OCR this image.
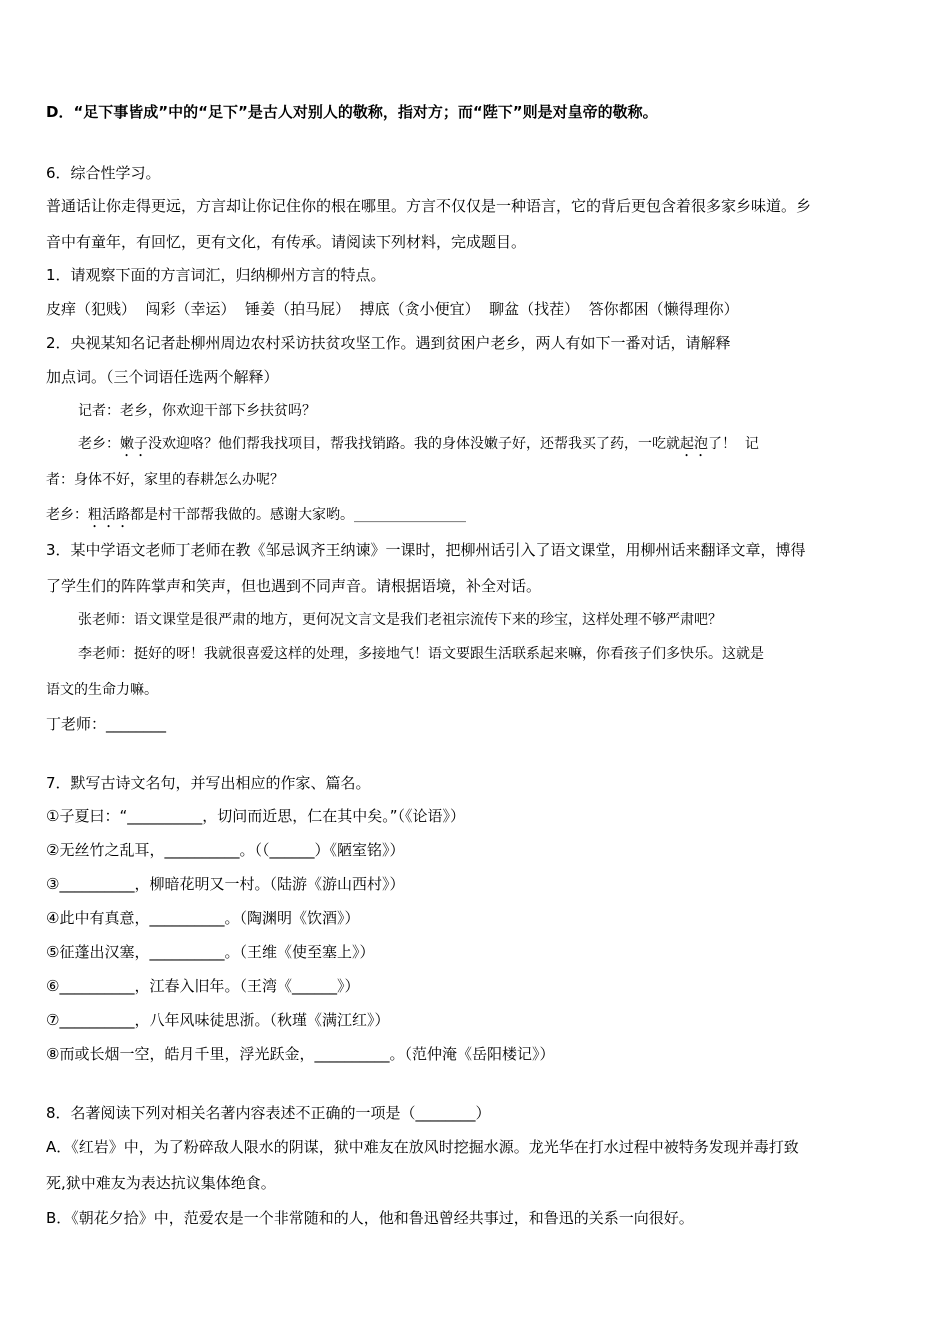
D．“足下事皆成”中的“足下”是古人对别人的敬称，指对方；而“陛下”则是对皇帝的敬称。
6．综合性学习。
普通话让你走得更远，方言却让你记住你的根在哪里。方言不仅仅是一种语言，它的背后更包含着很多家乡味道。乡
音中有童年，有回忆，更有文化，有传承。请阅读下列材料，完成题目。
1．请观察下面的方言词汇，归纳柳州方言的特点。
皮痒（犯贱）  闯彩（幸运）  锤姜（拍马屁）  搏底（贪小便宜）  聊盆（找茬）  答你都困（懒得理你）
2．央视某知名记者赴柳州周边农村采访扶贫攻坚工作。遇到贫困户老乡，两人有如下一番对话，请解释
加点词。（三个词语任选两个解释）
记者：老乡，你欢迎干部下乡扶贫吗？
老乡：嫩子没欢迎咯？他们帮我找项目，帮我找销路。我的身体没嫩子好，还帮我买了药，一吃就起泡了！  记
者：身体不好，家里的春耕怎么办呢？
老乡：粗活路都是村干部帮我做的。感谢大家哟。________________
3．某中学语文老师丁老师在教《邹忌讽齐王纳谏》一课时，把柳州话引入了语文课堂，用柳州话来翻译文章，博得
了学生们的阵阵掌声和笑声，但也遇到不同声音。请根据语境，补全对话。
张老师：语文课堂是很严肃的地方，更何况文言文是我们老祖宗流传下来的珍宝，这样处理不够严肃吧？
李老师：挺好的呀！我就很喜爱这样的处理，多接地气！语文要跟生活联系起来嘛，你看孩子们多快乐。这就是
语文的生命力嘛。
丁老师：________
7．默写古诗文名句，并写出相应的作家、篇名。
①子夏曰：“__________，切问而近思，仁在其中矣。”（《论语》）
②无丝竹之乱耳，__________。（（______）《陋室铭》）
③__________，柳暗花明又一村。（陆游《游山西村》）
④此中有真意，__________。（陶渊明《饮酒》）
⑤征蓬出汉塞，__________。（王维《使至塞上》）
⑥__________，江春入旧年。（王湾《______》）
⑦__________，八年风味徒思浙。（秋瑾《满江红》）
⑧而或长烟一空，皓月千里，浮光跃金，__________。（范仲淹《岳阳楼记》）
8．名著阅读下列对相关名著内容表述不正确的一项是（________）
A．《红岩》中，为了粉碎敌人限水的阴谋，狱中难友在放风时挖掘水源。龙光华在打水过程中被特务发现并毒打致
死,狱中难友为表达抗议集体绝食。
B．《朝花夕拾》中，范爱农是一个非常随和的人，他和鲁迅曾经共事过，和鲁迅的关系一向很好。
